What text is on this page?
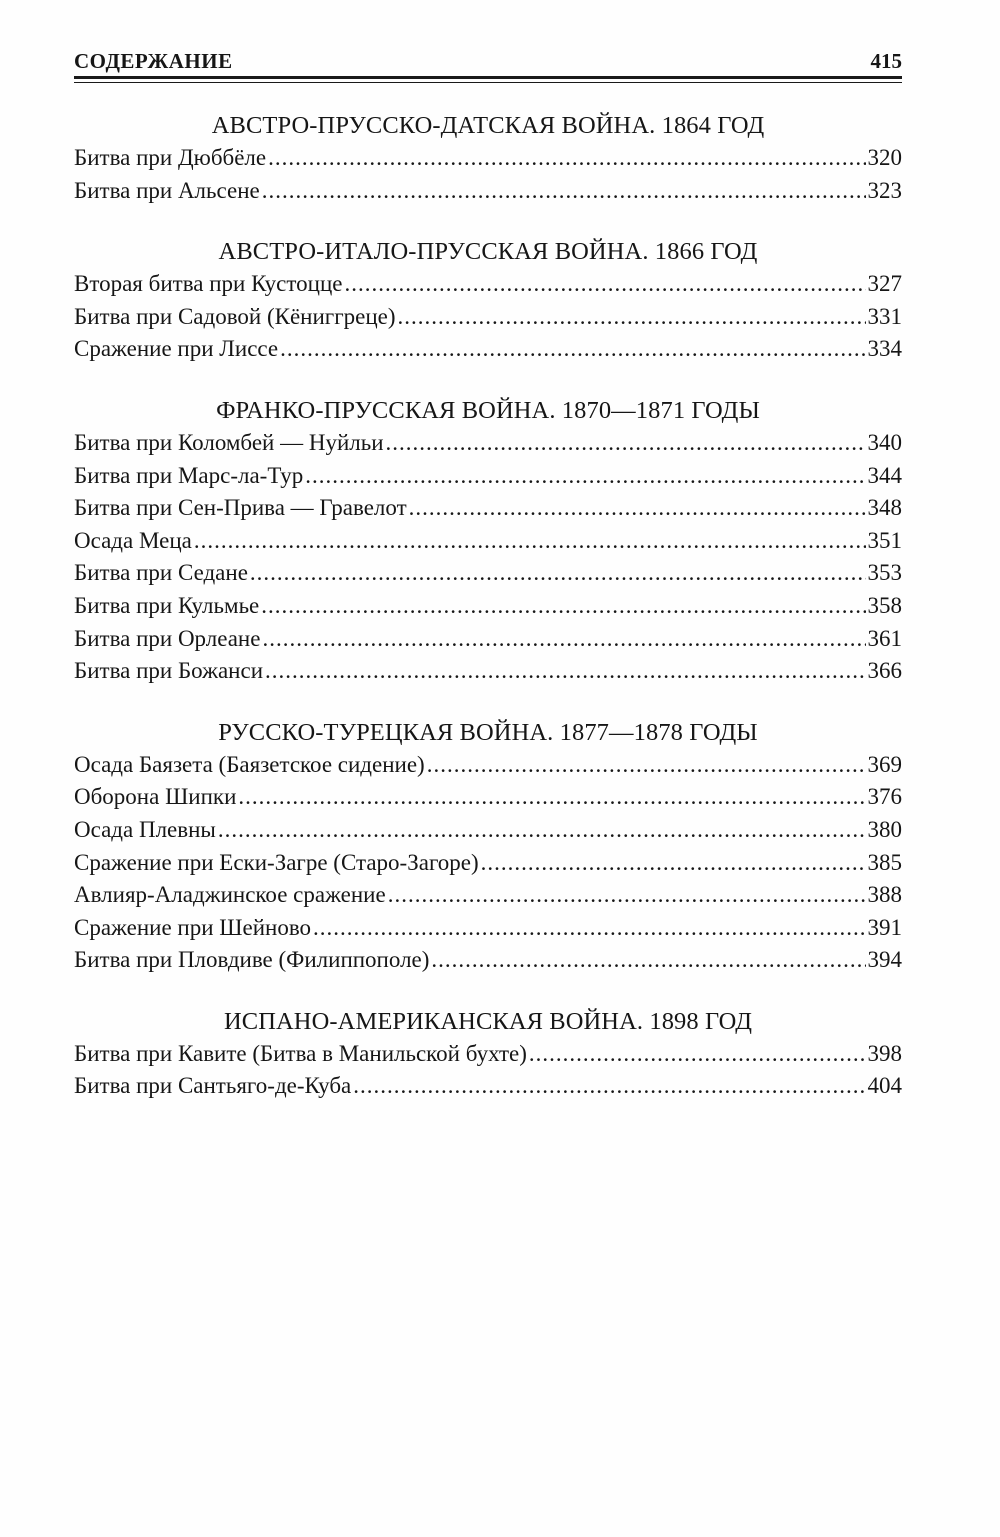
СОДЕРЖАНИЕ	415
АВСТРО-ПРУССКО-ДАТСКАЯ ВОЙНА. 1864 ГОД
Битва при Дюббёле .....	320
Битва при Альсене .....	323
АВСТРО-ИТАЛО-ПРУССКАЯ ВОЙНА. 1866 ГОД
Вторая битва при Кустоцце .....	327
Битва при Садовой (Кёниггреце) .....	331
Сражение при Лиссе .....	334
ФРАНКО-ПРУССКАЯ ВОЙНА. 1870—1871 ГОДЫ
Битва при Коломбей — Нуйльи .....	340
Битва при Марс-ла-Тур .....	344
Битва при Сен-Прива — Гравелот .....	348
Осада Меца .....	351
Битва при Седане .....	353
Битва при Кульмье .....	358
Битва при Орлеане .....	361
Битва при Божанси .....	366
РУССКО-ТУРЕЦКАЯ ВОЙНА. 1877—1878 ГОДЫ
Осада Баязета (Баязетское сидение) .....	369
Оборона Шипки .....	376
Осада Плевны .....	380
Сражение при Ески-Загре (Старо-Загоре) .....	385
Авлияр-Аладжинское сражение .....	388
Сражение при Шейново .....	391
Битва при Пловдиве (Филиппополе) .....	394
ИСПАНО-АМЕРИКАНСКАЯ ВОЙНА. 1898 ГОД
Битва при Кавите (Битва в Манильской бухте) .....	398
Битва при Сантьяго-де-Куба .....	404
